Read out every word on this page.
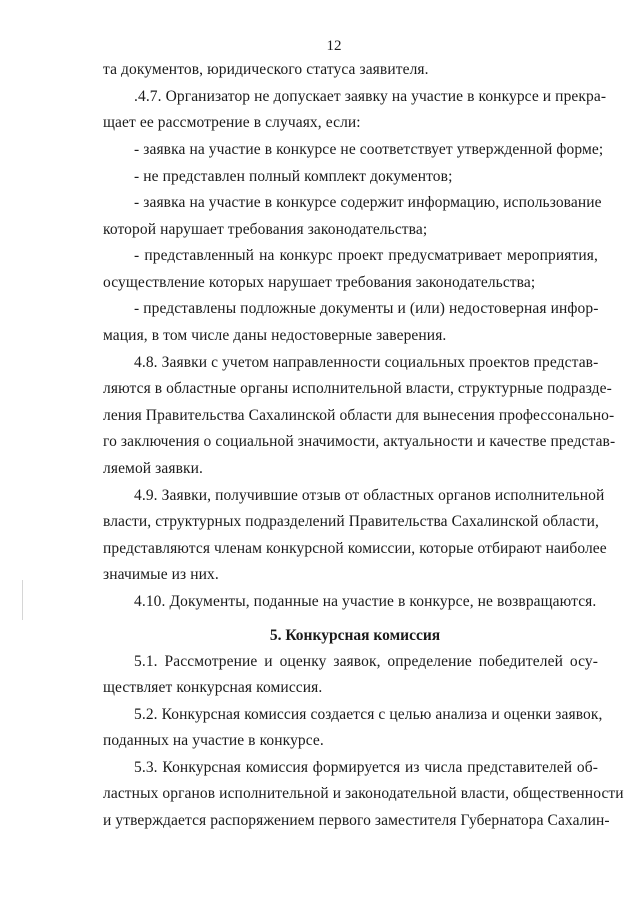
12
та документов, юридического статуса заявителя.
.4.7. Организатор не допускает заявку на участие в конкурсе и прекра-
щает ее рассмотрение в случаях, если:
- заявка на участие в конкурсе не соответствует утвержденной форме;
- не представлен полный комплект документов;
- заявка на участие в конкурсе содержит информацию, использование
которой нарушает требования законодательства;
- представленный на конкурс проект предусматривает мероприятия,
осуществление которых нарушает требования законодательства;
- представлены подложные документы и (или) недостоверная инфор-
мация, в том числе даны недостоверные заверения.
4.8. Заявки с учетом направленности социальных проектов представ-
ляются в областные органы исполнительной власти, структурные подразде-
ления Правительства Сахалинской области для вынесения профессонально-
го заключения о социальной значимости, актуальности и качестве представ-
ляемой заявки.
4.9. Заявки, получившие отзыв от областных органов исполнительной
власти, структурных подразделений Правительства Сахалинской области,
представляются членам конкурсной комиссии, которые отбирают наиболее
значимые из них.
4.10. Документы, поданные на участие в конкурсе, не возвращаются.
5. Конкурсная комиссия
5.1. Рассмотрение и оценку заявок, определение победителей осу-
ществляет конкурсная комиссия.
5.2. Конкурсная комиссия создается с целью анализа и оценки заявок,
поданных на участие в конкурсе.
5.3. Конкурсная комиссия формируется из числа представителей об-
ластных органов исполнительной и законодательной власти, общественности
и утверждается распоряжением первого заместителя Губернатора Сахалин-
